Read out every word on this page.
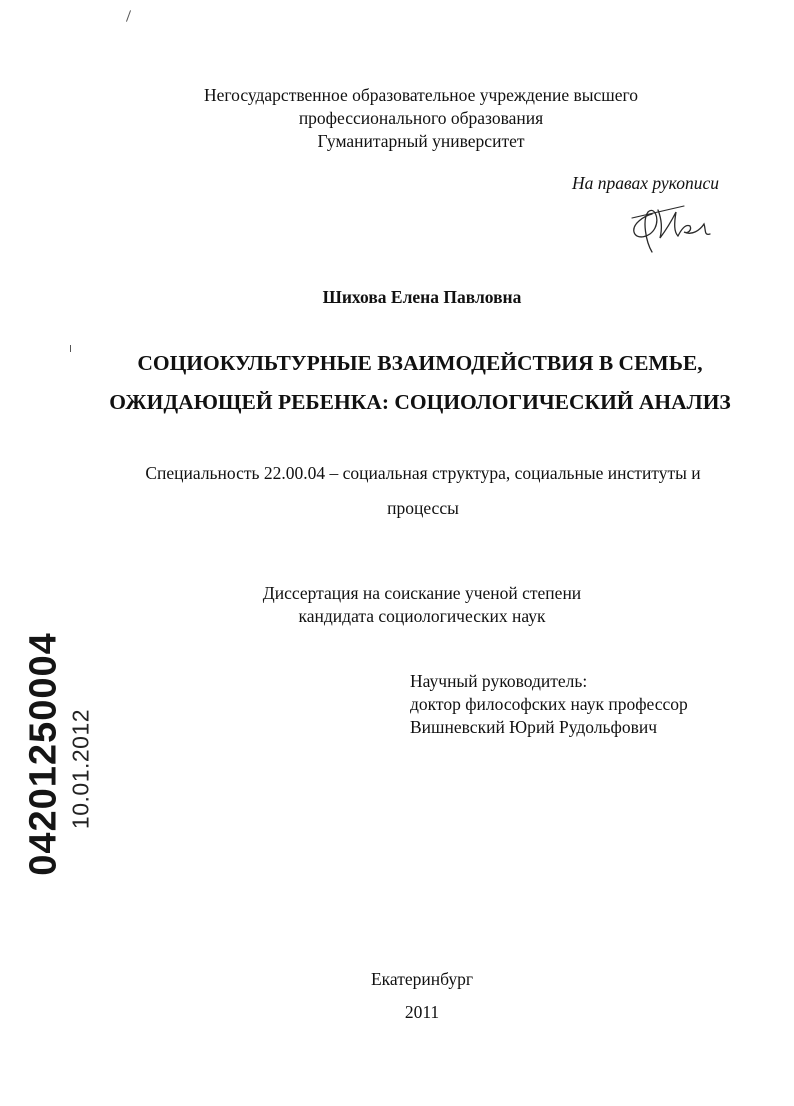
Негосударственное образовательное учреждение высшего
профессионального образования
Гуманитарный университет
На правах рукописи
Шихова Елена Павловна
СОЦИОКУЛЬТУРНЫЕ ВЗАИМОДЕЙСТВИЯ В СЕМЬЕ,
ОЖИДАЮЩЕЙ РЕБЕНКА: СОЦИОЛОГИЧЕСКИЙ АНАЛИЗ
Специальность 22.00.04 – социальная структура, социальные институты и
процессы
Диссертация на соискание ученой степени
кандидата социологических наук
Научный руководитель:
доктор философских наук профессор
Вишневский Юрий Рудольфович
04201250004 10.01.2012
Екатеринбург
2011
